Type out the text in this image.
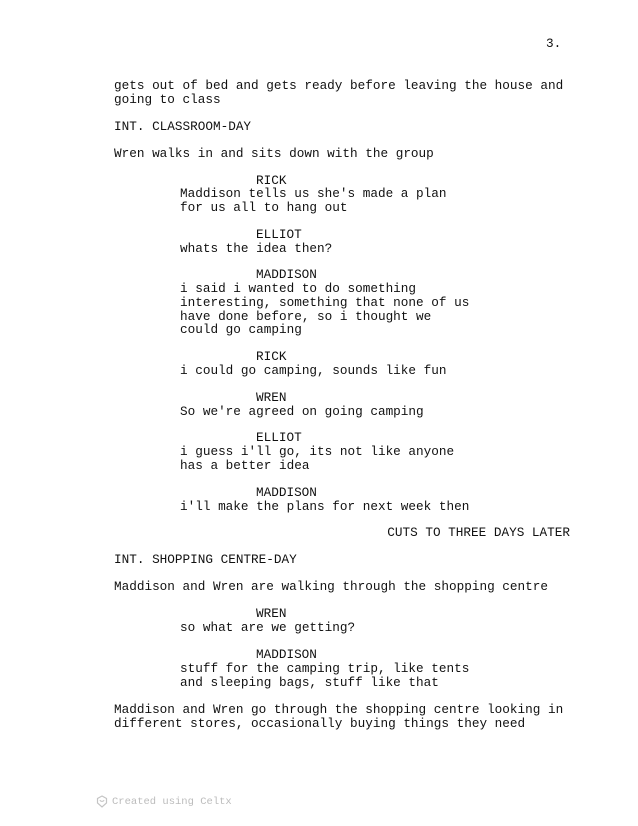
3.
gets out of bed and gets ready before leaving the house and
going to class
INT. CLASSROOM-DAY
Wren walks in and sits down with the group
RICK
Maddison tells us she's made a plan
for us all to hang out
ELLIOT
whats the idea then?
MADDISON
i said i wanted to do something
interesting, something that none of us
have done before, so i thought we
could go camping
RICK
i could go camping, sounds like fun
WREN
So we're agreed on going camping
ELLIOT
i guess i'll go, its not like anyone
has a better idea
MADDISON
i'll make the plans for next week then
CUTS TO THREE DAYS LATER
INT. SHOPPING CENTRE-DAY
Maddison and Wren are walking through the shopping centre
WREN
so what are we getting?
MADDISON
stuff for the camping trip, like tents
and sleeping bags, stuff like that
Maddison and Wren go through the shopping centre looking in
different stores, occasionally buying things they need
Created using Celtx
